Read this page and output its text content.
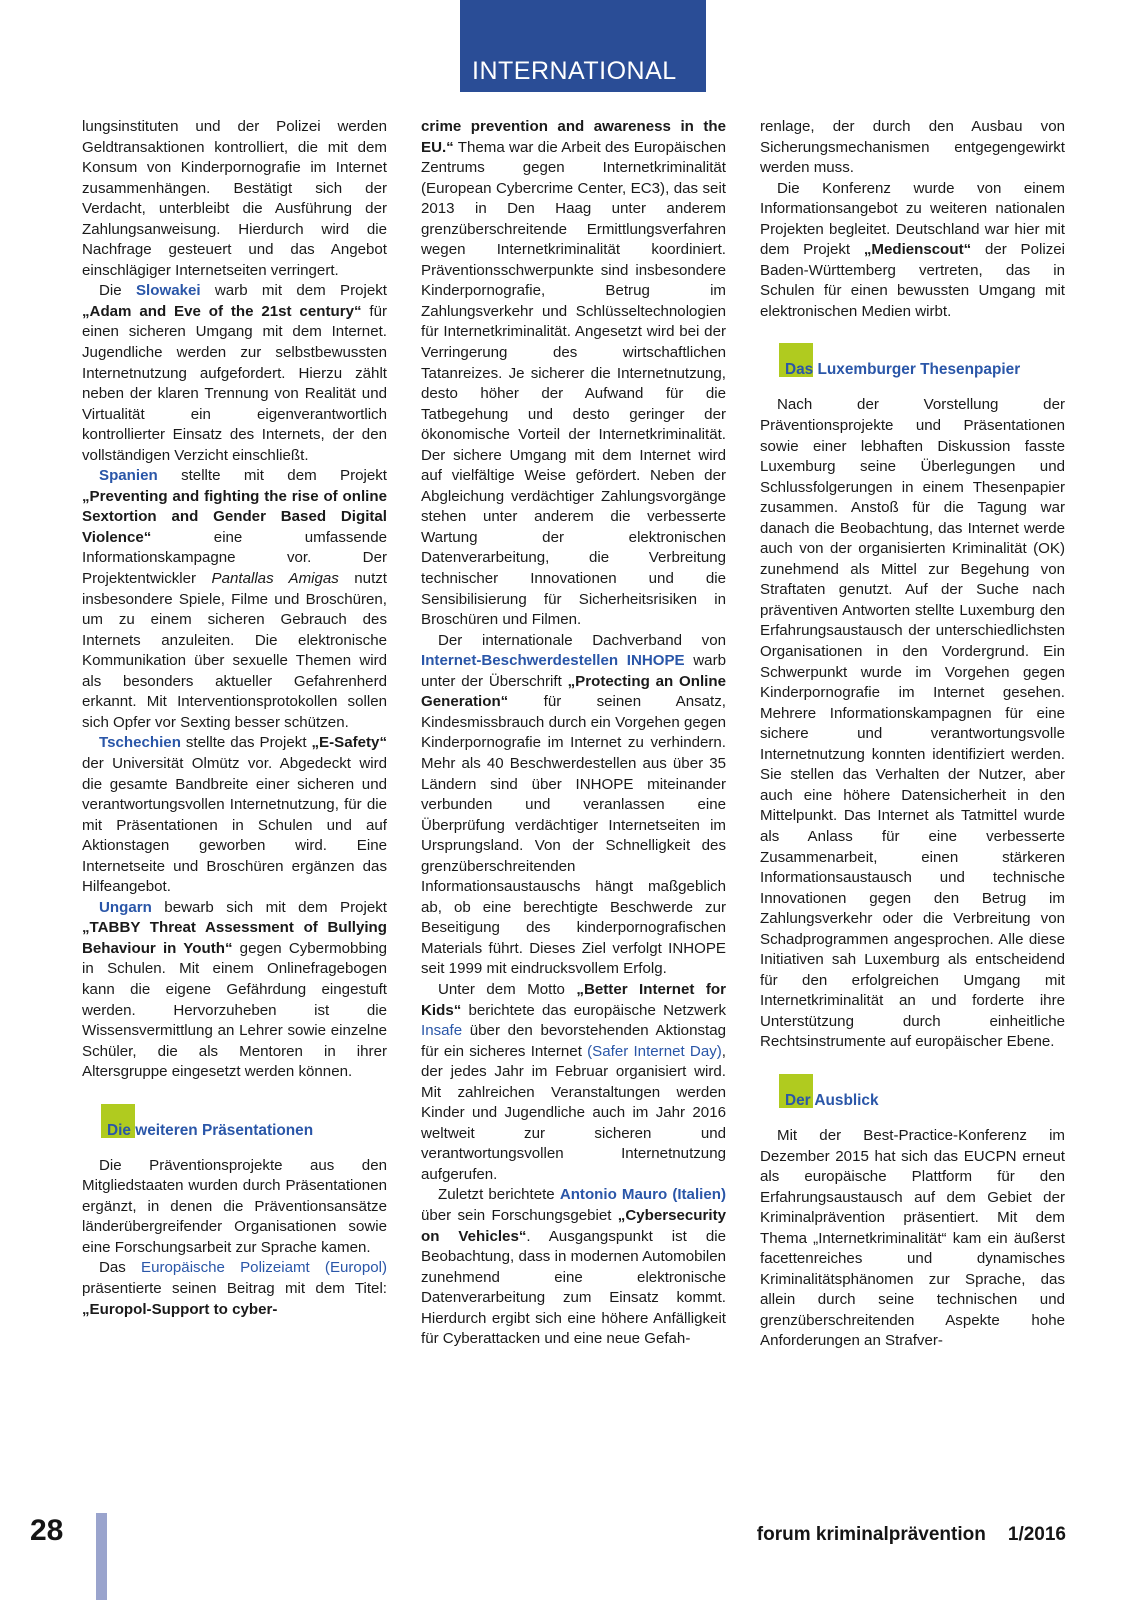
INTERNATIONAL

lungsinstituten und der Polizei werden Geldtransaktionen kontrolliert, die mit dem Konsum von Kinderpornografie im Internet zusammenhängen. Bestätigt sich der Verdacht, unterbleibt die Ausführung der Zahlungsanweisung. Hierdurch wird die Nachfrage gesteuert und das Angebot einschlägiger Internetseiten verringert.

Die Slowakei warb mit dem Projekt „Adam and Eve of the 21st century“ für einen sicheren Umgang mit dem Internet. Jugendliche werden zur selbstbewussten Internetnutzung aufgefordert. Hierzu zählt neben der klaren Trennung von Realität und Virtualität ein eigenverantwortlich kontrollierter Einsatz des Internets, der den vollständigen Verzicht einschließt.

Spanien stellte mit dem Projekt „Preventing and fighting the rise of online Sextortion and Gender Based Digital Violence“ eine umfassende Informationskampagne vor. Der Projektentwickler Pantallas Amigas nutzt insbesondere Spiele, Filme und Broschüren, um zu einem sicheren Gebrauch des Internets anzuleiten. Die elektronische Kommunikation über sexuelle Themen wird als besonders aktueller Gefahrenherd erkannt. Mit Interventionsprotokollen sollen sich Opfer vor Sexting besser schützen.

Tschechien stellte das Projekt „E-Safety“ der Universität Olmütz vor. Abgedeckt wird die gesamte Bandbreite einer sicheren und verantwortungsvollen Internetnutzung, für die mit Präsentationen in Schulen und auf Aktionstagen geworben wird. Eine Internetseite und Broschüren ergänzen das Hilfeangebot.

Ungarn bewarb sich mit dem Projekt „TABBY Threat Assessment of Bullying Behaviour in Youth“ gegen Cybermobbing in Schulen. Mit einem Onlinefragebogen kann die eigene Gefährdung eingestuft werden. Hervorzuheben ist die Wissensvermittlung an Lehrer sowie einzelne Schüler, die als Mentoren in ihrer Altersgruppe eingesetzt werden können.

Die weiteren Präsentationen

Die Präventionsprojekte aus den Mitgliedstaaten wurden durch Präsentationen ergänzt, in denen die Präventionsansätze länderübergreifender Organisationen sowie eine Forschungsarbeit zur Sprache kamen.

Das Europäische Polizeiamt (Europol) präsentierte seinen Beitrag mit dem Titel: „Europol-Support to cyber-

crime prevention and awareness in the EU.“ Thema war die Arbeit des Europäischen Zentrums gegen Internetkriminalität (European Cybercrime Center, EC3), das seit 2013 in Den Haag unter anderem grenzüberschreitende Ermittlungsverfahren wegen Internetkriminalität koordiniert. Präventionsschwerpunkte sind insbesondere Kinderpornografie, Betrug im Zahlungsverkehr und Schlüsseltechnologien für Internetkriminalität. Angesetzt wird bei der Verringerung des wirtschaftlichen Tatanreizes. Je sicherer die Internetnutzung, desto höher der Aufwand für die Tatbegehung und desto geringer der ökonomische Vorteil der Internetkriminalität. Der sichere Umgang mit dem Internet wird auf vielfältige Weise gefördert. Neben der Abgleichung verdächtiger Zahlungsvorgänge stehen unter anderem die verbesserte Wartung der elektronischen Datenverarbeitung, die Verbreitung technischer Innovationen und die Sensibilisierung für Sicherheitsrisiken in Broschüren und Filmen.

Der internationale Dachverband von Internet-Beschwerdestellen INHOPE warb unter der Überschrift „Protecting an Online Generation“ für seinen Ansatz, Kindesmissbrauch durch ein Vorgehen gegen Kinderpornografie im Internet zu verhindern. Mehr als 40 Beschwerdestellen aus über 35 Ländern sind über INHOPE miteinander verbunden und veranlassen eine Überprüfung verdächtiger Internetseiten im Ursprungsland. Von der Schnelligkeit des grenzüberschreitenden Informationsaustauschs hängt maßgeblich ab, ob eine berechtigte Beschwerde zur Beseitigung des kinderpornografischen Materials führt. Dieses Ziel verfolgt INHOPE seit 1999 mit eindrucksvollem Erfolg.

Unter dem Motto „Better Internet for Kids“ berichtete das europäische Netzwerk Insafe über den bevorstehenden Aktionstag für ein sicheres Internet (Safer Internet Day), der jedes Jahr im Februar organisiert wird. Mit zahlreichen Veranstaltungen werden Kinder und Jugendliche auch im Jahr 2016 weltweit zur sicheren und verantwortungsvollen Internetnutzung aufgerufen.

Zuletzt berichtete Antonio Mauro (Italien) über sein Forschungsgebiet „Cybersecurity on Vehicles“. Ausgangspunkt ist die Beobachtung, dass in modernen Automobilen zunehmend eine elektronische Datenverarbeitung zum Einsatz kommt. Hierdurch ergibt sich eine höhere Anfälligkeit für Cyberattacken und eine neue Gefah-

renlage, der durch den Ausbau von Sicherungsmechanismen entgegengewirkt werden muss.

Die Konferenz wurde von einem Informationsangebot zu weiteren nationalen Projekten begleitet. Deutschland war hier mit dem Projekt „Medienscout“ der Polizei Baden-Württemberg vertreten, das in Schulen für einen bewussten Umgang mit elektronischen Medien wirbt.

Das Luxemburger Thesenpapier

Nach der Vorstellung der Präventionsprojekte und Präsentationen sowie einer lebhaften Diskussion fasste Luxemburg seine Überlegungen und Schlussfolgerungen in einem Thesenpapier zusammen. Anstoß für die Tagung war danach die Beobachtung, das Internet werde auch von der organisierten Kriminalität (OK) zunehmend als Mittel zur Begehung von Straftaten genutzt. Auf der Suche nach präventiven Antworten stellte Luxemburg den Erfahrungsaustausch der unterschiedlichsten Organisationen in den Vordergrund. Ein Schwerpunkt wurde im Vorgehen gegen Kinderpornografie im Internet gesehen. Mehrere Informationskampagnen für eine sichere und verantwortungsvolle Internetnutzung konnten identifiziert werden. Sie stellen das Verhalten der Nutzer, aber auch eine höhere Datensicherheit in den Mittelpunkt. Das Internet als Tatmittel wurde als Anlass für eine verbesserte Zusammenarbeit, einen stärkeren Informationsaustausch und technische Innovationen gegen den Betrug im Zahlungsverkehr oder die Verbreitung von Schadprogrammen angesprochen. Alle diese Initiativen sah Luxemburg als entscheidend für den erfolgreichen Umgang mit Internetkriminalität an und forderte ihre Unterstützung durch einheitliche Rechtsinstrumente auf europäischer Ebene.

Der Ausblick

Mit der Best-Practice-Konferenz im Dezember 2015 hat sich das EUCPN erneut als europäische Plattform für den Erfahrungsaustausch auf dem Gebiet der Kriminalprävention präsentiert. Mit dem Thema „Internetkriminalität“ kam ein äußerst facettenreiches und dynamisches Kriminalitätsphänomen zur Sprache, das allein durch seine technischen und grenzüberschreitenden Aspekte hohe Anforderungen an Strafver-

28	forum kriminalprävention 1/2016
